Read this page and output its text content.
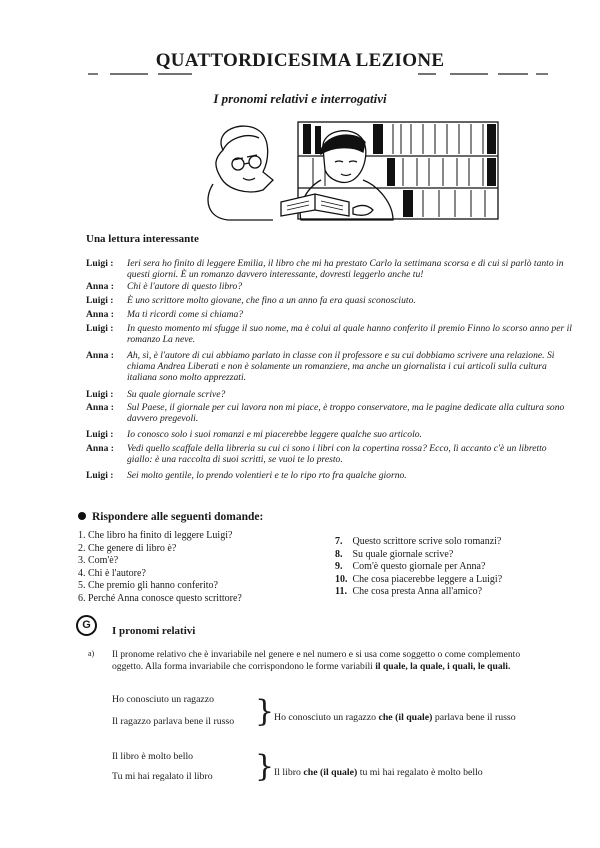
QUATTORDICESIMA LEZIONE
I pronomi relativi e interrogativi
Una lettura interessante
Luigi :	Ieri sera ho finito di leggere Emilia, il libro che mi ha prestato Carlo la settimana scorsa e di cui si parlò tanto in questi giorni. È un romanzo davvero interessante, dovresti leggerlo anche tu!
Anna :	Chi è l'autore di questo libro?
Luigi :	È uno scrittore molto giovane, che fino a un anno fa era quasi sconosciuto.
Anna :	Ma ti ricordi come si chiama?
Luigi :	In questo momento mi sfugge il suo nome, ma è colui al quale hanno conferito il premio Finno lo scorso anno per il romanzo La neve.
Anna :	Ah, sì, è l'autore di cui abbiamo parlato in classe con il professore e su cui dobbiamo scrivere una relazione. Si chiama Andrea Liberati e non è solamente un romanziere, ma anche un giornalista i cui articoli sulla cultura italiana sono molto apprezzati.
Luigi :	Su quale giornale scrive?
Anna :	Sul Paese, il giornale per cui lavora non mi piace, è troppo conservatore, ma le pagine dedicate alla cultura sono davvero pregevoli.
Luigi :	Io conosco solo i suoi romanzi e mi piacerebbe leggere qualche suo articolo.
Anna :	Vedi quello scaffale della libreria su cui ci sono i libri con la copertina rossa? Ecco, lì accanto c'è un libretto giallo: è una raccolta di suoi scritti, se vuoi te lo presto.
Luigi :	Sei molto gentile, lo prendo volentieri e te lo ripo rto fra qualche giorno.
Rispondere alle seguenti domande:
1. Che libro ha finito di leggere Luigi?
2. Che genere di libro è?
3. Com'è?
4. Chi è l'autore?
5. Che premio gli hanno conferito?
6. Perché Anna conosce questo scrittore?
7. Questo scrittore scrive solo romanzi?
8. Su quale giornale scrive?
9. Com'è questo giornale per Anna?
10. Che cosa piacerebbe leggere a Luigi?
11. Che cosa presta Anna all'amico?
G	I pronomi relativi
a) Il pronome relativo che è invariabile nel genere e nel numero e si usa come soggetto o come complemento
oggetto. Alla forma invariabile che corrispondono le forme variabili il quale, la quale, i quali, le quali.
Ho conosciuto un ragazzo
Il ragazzo parlava bene il russo } Ho conosciuto un ragazzo che (il quale) parlava bene il russo
Il libro è molto bello
Tu mi hai regalato il libro } Il libro che (il quale) tu mi hai regalato è molto bello
